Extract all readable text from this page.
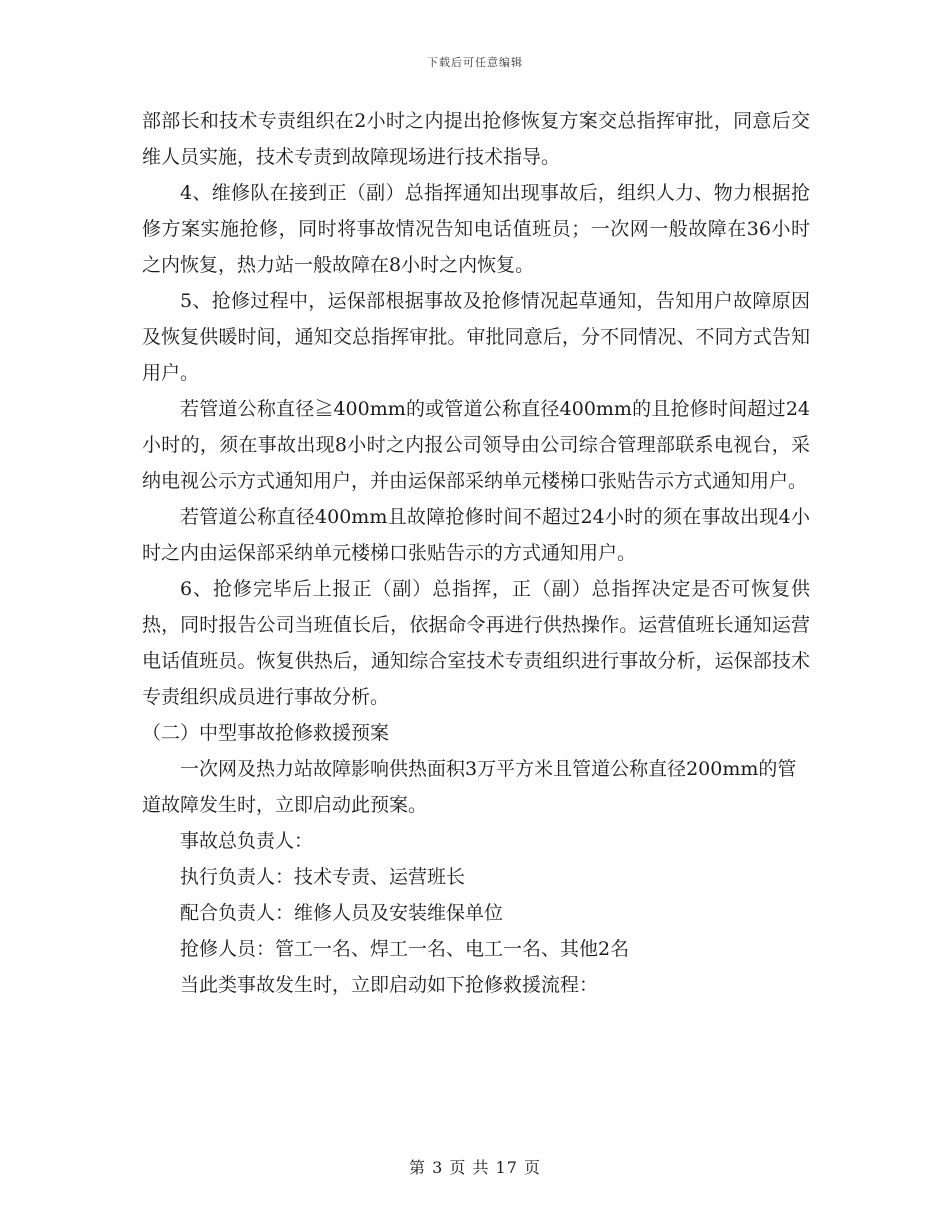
下载后可任意编辑

部部长和技术专责组织在2小时之内提出抢修恢复方案交总指挥审批，同意后交维人员实施，技术专责到故障现场进行技术指导。

4、维修队在接到正（副）总指挥通知出现事故后，组织人力、物力根据抢修方案实施抢修，同时将事故情况告知电话值班员；一次网一般故障在36小时之内恢复，热力站一般故障在8小时之内恢复。

5、抢修过程中，运保部根据事故及抢修情况起草通知，告知用户故障原因及恢复供暖时间，通知交总指挥审批。审批同意后，分不同情况、不同方式告知用户。

若管道公称直径≧400mm的或管道公称直径400mm的且抢修时间超过24小时的，须在事故出现8小时之内报公司领导由公司综合管理部联系电视台，采纳电视公示方式通知用户，并由运保部采纳单元楼梯口张贴告示方式通知用户。

若管道公称直径400mm且故障抢修时间不超过24小时的须在事故出现4小时之内由运保部采纳单元楼梯口张贴告示的方式通知用户。

6、抢修完毕后上报正（副）总指挥，正（副）总指挥决定是否可恢复供热，同时报告公司当班值长后，依据命令再进行供热操作。运营值班长通知运营电话值班员。恢复供热后，通知综合室技术专责组织进行事故分析，运保部技术专责组织成员进行事故分析。

（二）中型事故抢修救援预案

一次网及热力站故障影响供热面积3万平方米且管道公称直径200mm的管道故障发生时，立即启动此预案。

事故总负责人：

执行负责人：技术专责、运营班长

配合负责人：维修人员及安装维保单位

抢修人员：管工一名、焊工一名、电工一名、其他2名

当此类事故发生时，立即启动如下抢修救援流程：

第 3 页 共 17 页
